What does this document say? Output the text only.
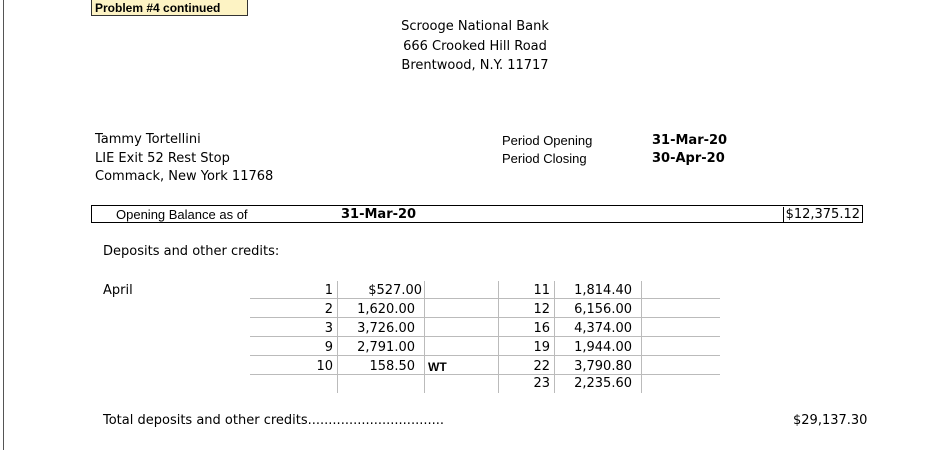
Problem #4 continued
Scrooge National Bank
666 Crooked Hill Road
Brentwood, N.Y. 11717
Tammy Tortellini
LIE Exit 52 Rest Stop
Commack, New York 11768
Period Opening	31-Mar-20
Period Closing	30-Apr-20
Opening Balance as of	31-Mar-20	$12,375.12
Deposits and other credits:
April	1	$527.00
2	1,620.00
3	3,726.00
9	2,791.00
10	158.50 WT
11	1,814.40
12	6,156.00
16	4,374.00
19	1,944.00
22	3,790.80
23	2,235.60
Total deposits and other credits.................................	$29,137.30
